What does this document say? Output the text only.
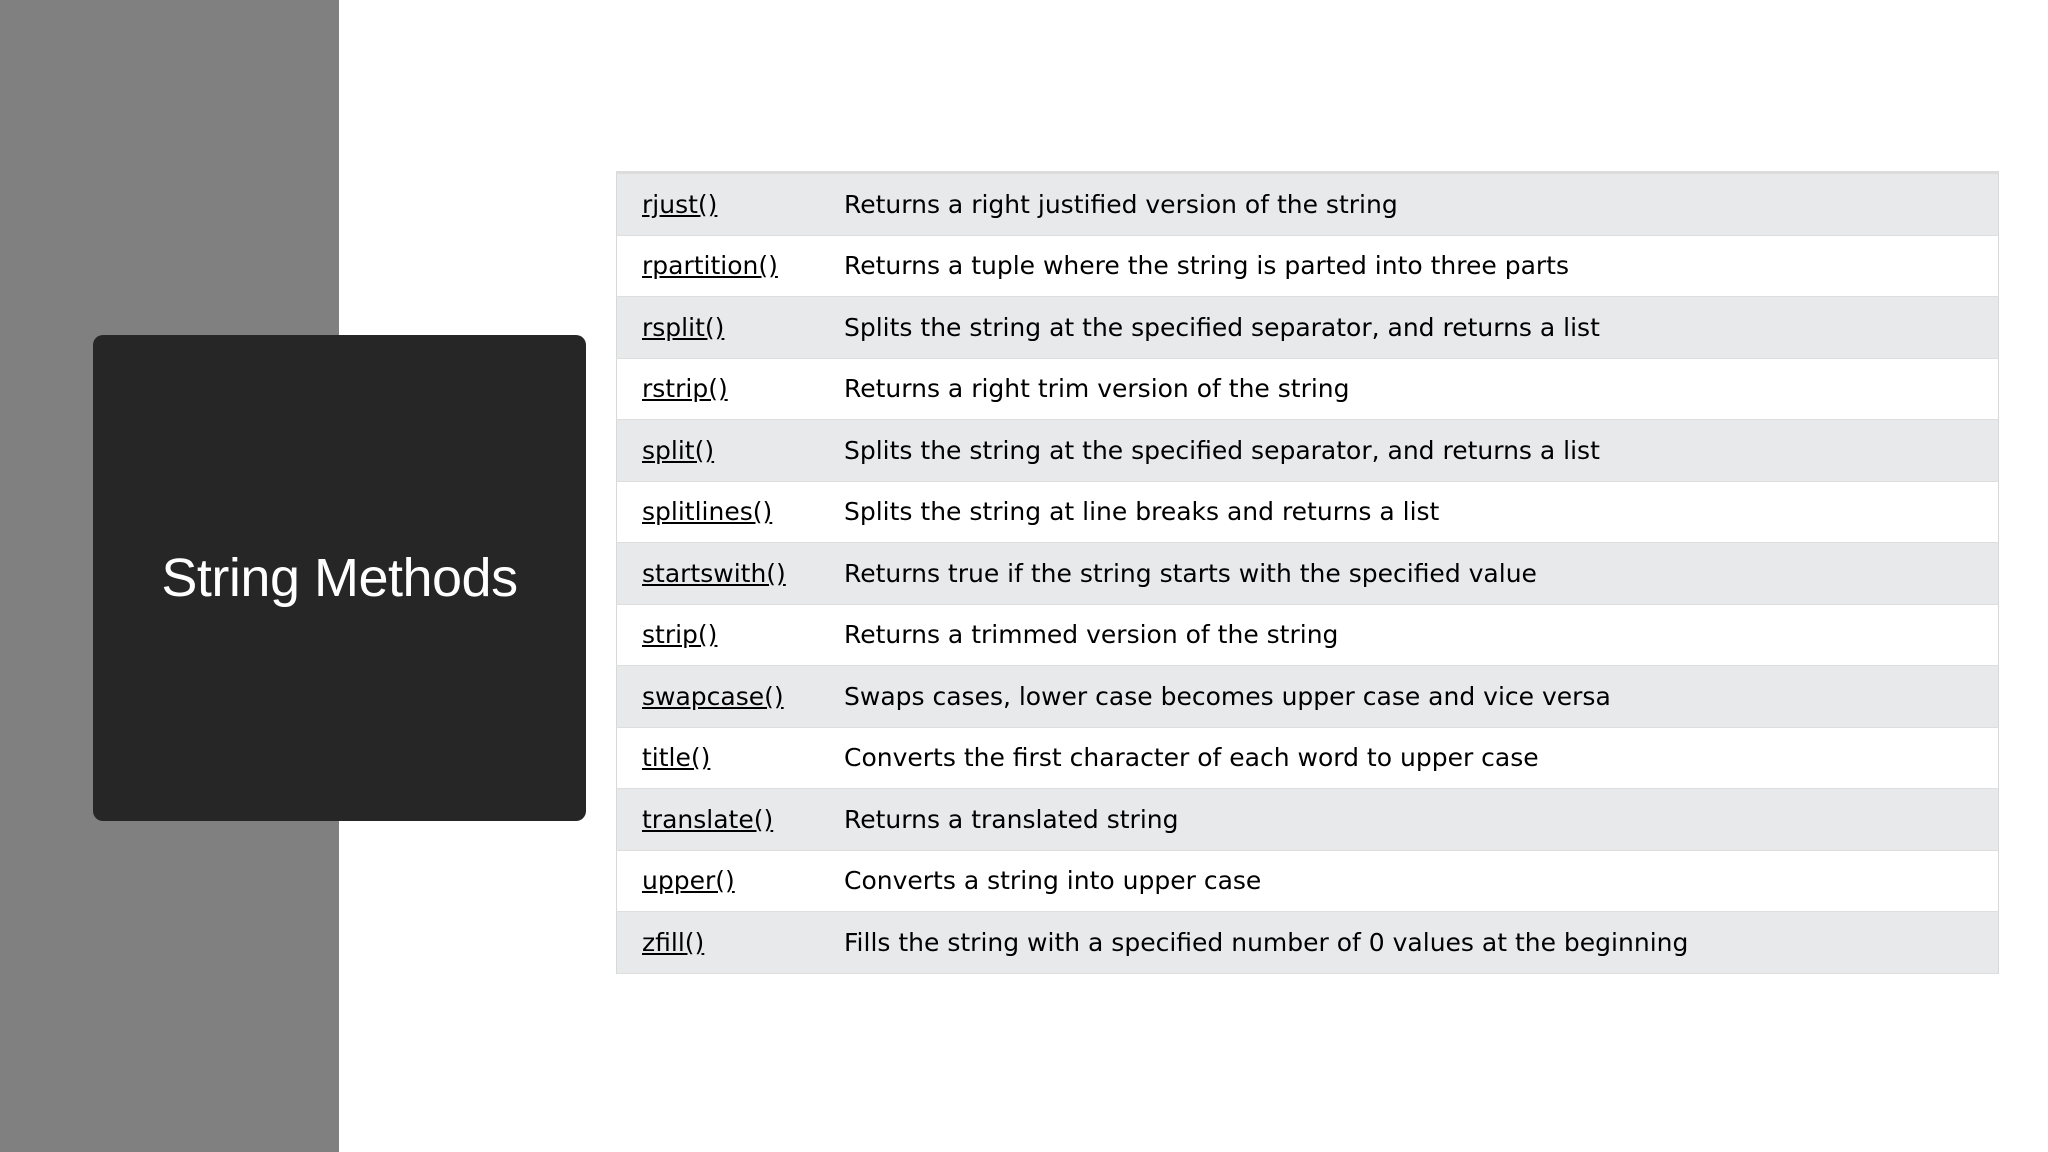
String Methods
rjust()	Returns a right justified version of the string
rpartition()	Returns a tuple where the string is parted into three parts
rsplit()	Splits the string at the specified separator, and returns a list
rstrip()	Returns a right trim version of the string
split()	Splits the string at the specified separator, and returns a list
splitlines()	Splits the string at line breaks and returns a list
startswith()	Returns true if the string starts with the specified value
strip()	Returns a trimmed version of the string
swapcase()	Swaps cases, lower case becomes upper case and vice versa
title()	Converts the first character of each word to upper case
translate()	Returns a translated string
upper()	Converts a string into upper case
zfill()	Fills the string with a specified number of 0 values at the beginning
